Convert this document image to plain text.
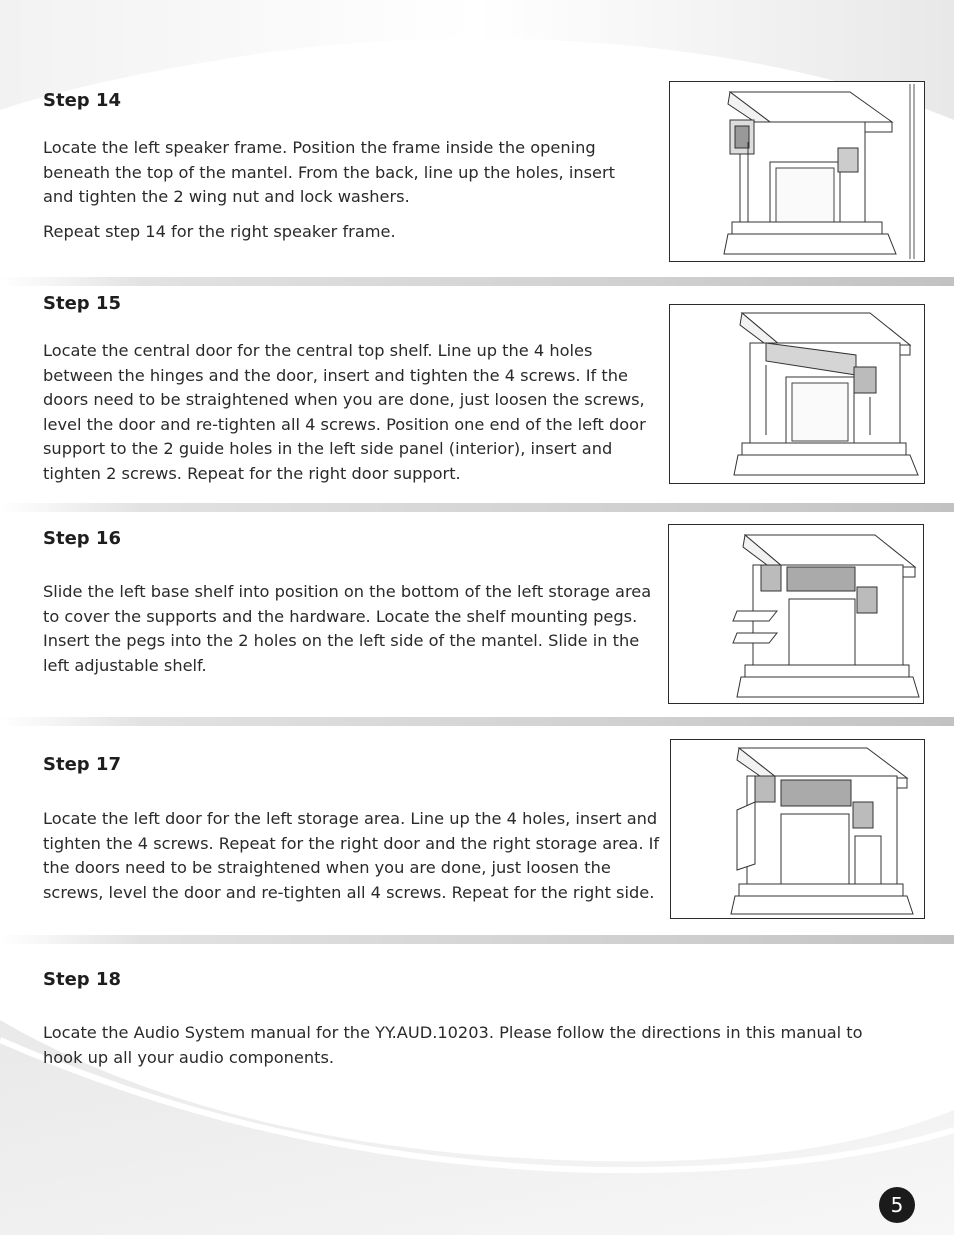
Step 14

Locate the left speaker frame. Position the frame inside the opening beneath the top of the mantel. From the back, line up the holes, insert and tighten the 2 wing nut and lock washers.

Repeat step 14 for the right speaker frame.

Step 15

Locate the central door for the central top shelf. Line up the 4 holes between the hinges and the door, insert and tighten the 4 screws. If the doors need to be straightened when you are done, just loosen the screws, level the door and re-tighten all 4 screws. Position one end of the left door support to the 2 guide holes in the left side panel (interior), insert and tighten 2 screws. Repeat for the right door support.

Step 16

Slide the left base shelf into position on the bottom of the left storage area to cover the supports and the hardware. Locate the shelf mounting pegs. Insert the pegs into the 2 holes on the left side of the mantel. Slide in the left adjustable shelf.

Step 17

Locate the left door for the left storage area. Line up the 4 holes, insert and tighten the 4 screws. Repeat for the right door and the right storage area. If the doors need to be straightened when you are done, just loosen the screws, level the door and re-tighten all 4 screws. Repeat for the right side.

Step 18

Locate the Audio System manual for the YY.AUD.10203. Please follow the directions in this manual to hook up all your audio components.

5
